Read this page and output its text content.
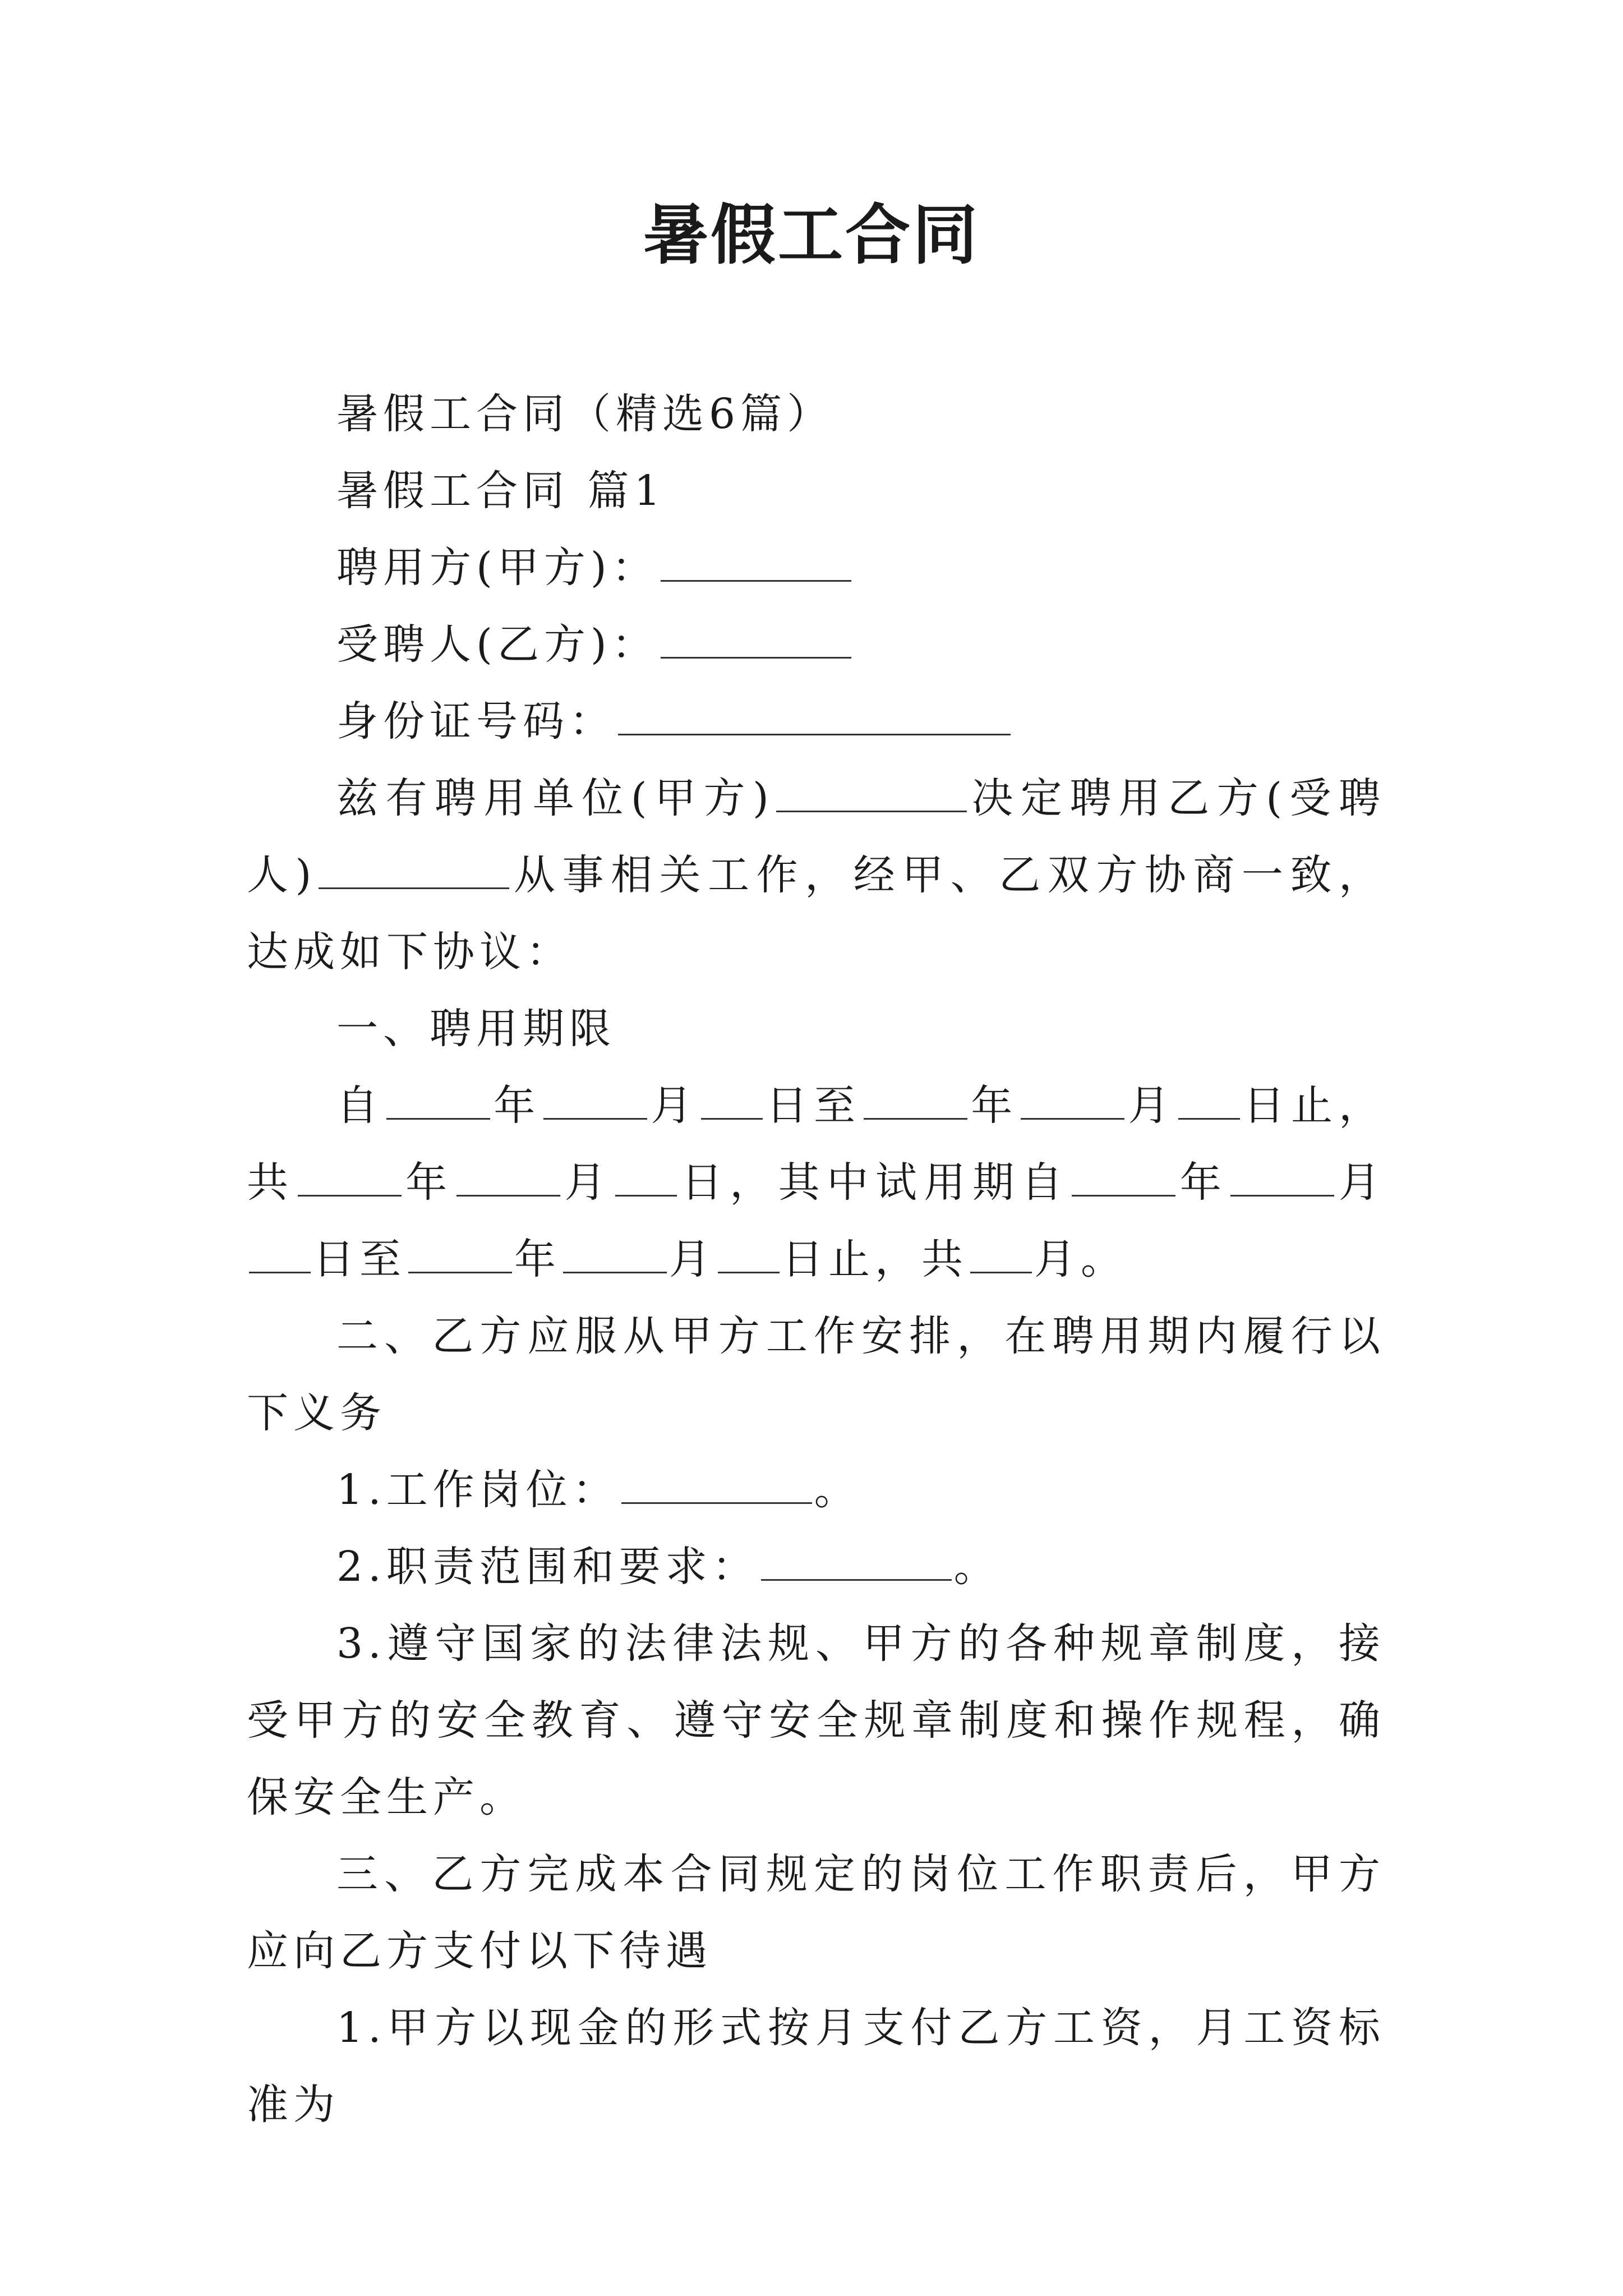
暑假工合同

暑假工合同（精选6篇）

暑假工合同 篇1

聘用方(甲方)：

受聘人(乙方)：

身份证号码：

兹有聘用单位(甲方)	决定聘用乙方(受聘人)	从事相关工作，经甲、乙双方协商一致，达成如下协议：

一、聘用期限

自	年	月 日至	年	月 日止，共	年	月 日，其中试用期自	年	月日至	年	月 日止，共 月。

二、乙方应服从甲方工作安排，在聘用期内履行以下义务

1.工作岗位：	。

2.职责范围和要求：	。

3.遵守国家的法律法规、甲方的各种规章制度，接受甲方的安全教育、遵守安全规章制度和操作规程，确保安全生产。

三、乙方完成本合同规定的岗位工作职责后，甲方应向乙方支付以下待遇

1.甲方以现金的形式按月支付乙方工资，月工资标准为
